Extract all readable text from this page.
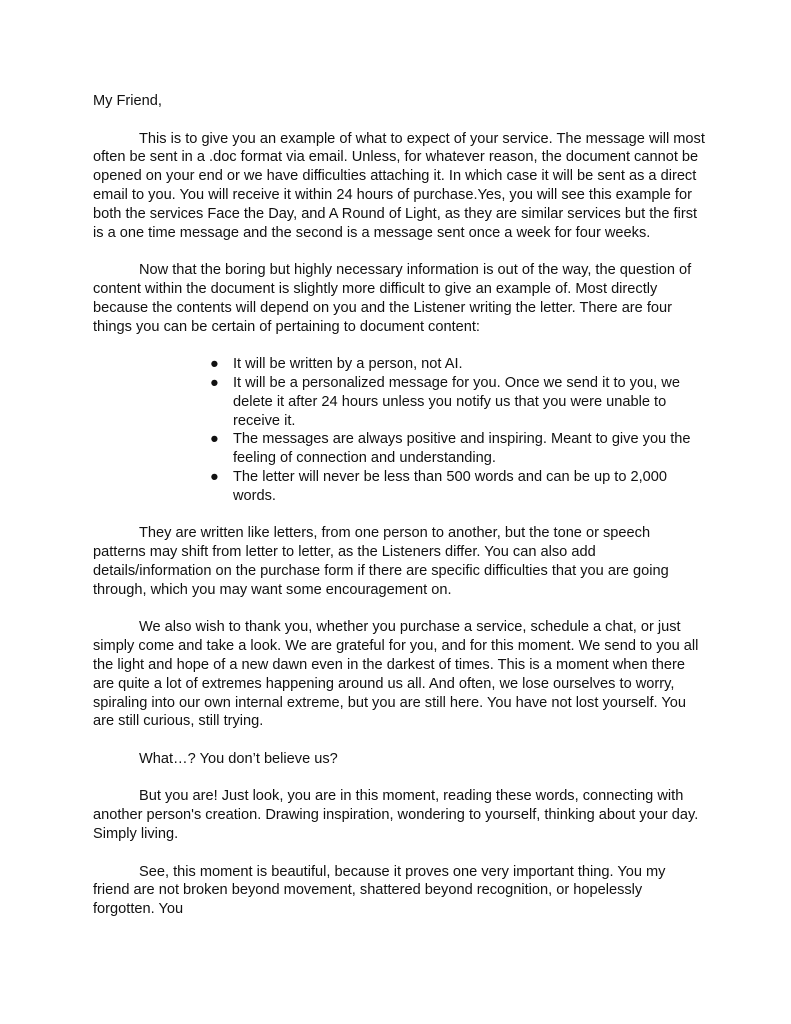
My Friend,

This is to give you an example of what to expect of your service. The message will most often be sent in a .doc format via email. Unless, for whatever reason, the document cannot be opened on your end or we have difficulties attaching it. In which case it will be sent as a direct email to you. You will receive it within 24 hours of purchase.Yes, you will see this example for both the services Face the Day, and A Round of Light, as they are similar services but the first is a one time message and the second is a message sent once a week for four weeks.

Now that the boring but highly necessary information is out of the way, the question of content within the document is slightly more difficult to give an example of. Most directly because the contents will depend on you and the Listener writing the letter. There are four things you can be certain of pertaining to document content:

● It will be written by a person, not AI.
● It will be a personalized message for you. Once we send it to you, we delete it after 24 hours unless you notify us that you were unable to receive it.
● The messages are always positive and inspiring. Meant to give you the feeling of connection and understanding.
● The letter will never be less than 500 words and can be up to 2,000 words.

They are written like letters, from one person to another, but the tone or speech patterns may shift from letter to letter, as the Listeners differ. You can also add details/information on the purchase form if there are specific difficulties that you are going through, which you may want some encouragement on.

We also wish to thank you, whether you purchase a service, schedule a chat, or just simply come and take a look. We are grateful for you, and for this moment. We send to you all the light and hope of a new dawn even in the darkest of times. This is a moment when there are quite a lot of extremes happening around us all. And often, we lose ourselves to worry, spiraling into our own internal extreme, but you are still here. You have not lost yourself. You are still curious, still trying.

What…? You don’t believe us?

But you are! Just look, you are in this moment, reading these words, connecting with another person's creation. Drawing inspiration, wondering to yourself, thinking about your day. Simply living.

See, this moment is beautiful, because it proves one very important thing. You my friend are not broken beyond movement, shattered beyond recognition, or hopelessly forgotten. You
